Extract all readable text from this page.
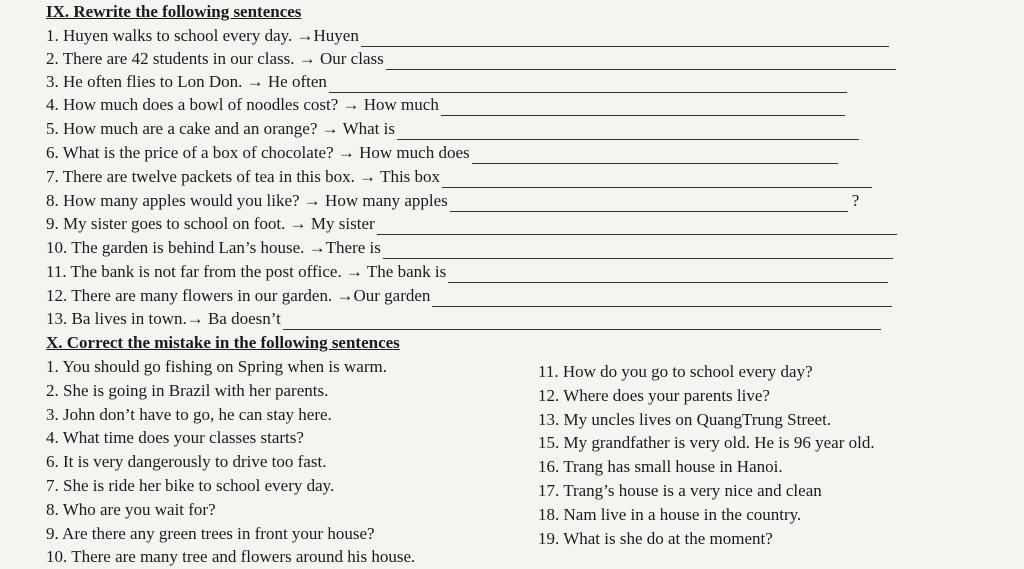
IX. Rewrite the following sentences
1. Huyen walks to school every day. →Huyen
2. There are 42 students in our class. → Our class
3. He often flies to Lon Don. → He often
4. How much does a bowl of noodles cost? → How much
5. How much are a cake and an orange? → What is
6. What is the price of a box of chocolate? → How much does
7. There are twelve packets of tea in this box. → This box
8. How many apples would you like? → How many apples	?
9. My sister goes to school on foot. → My sister
10. The garden is behind Lan’s house. →There is
11. The bank is not far from the post office. → The bank is
12. There are many flowers in our garden. →Our garden
13. Ba lives in town.→ Ba doesn’t
X. Correct the mistake in the following sentences
1. You should go fishing on Spring when is warm.
2. She is going in Brazil with her parents.
3. John don’t have to go, he can stay here.
4. What time does your classes starts?
6. It is very dangerously to drive too fast.
7. She is ride her bike to school every day.
8. Who are you wait for?
9. Are there any green trees in front your house?
10. There are many tree and flowers around his house.
11. How do you go to school every day?
12. Where does your parents live?
13. My uncles lives on QuangTrung Street.
15. My grandfather is very old. He is 96 year old.
16. Trang has small house in Hanoi.
17. Trang’s house is a very nice and clean
18. Nam live in a house in the country.
19. What is she do at the moment?
